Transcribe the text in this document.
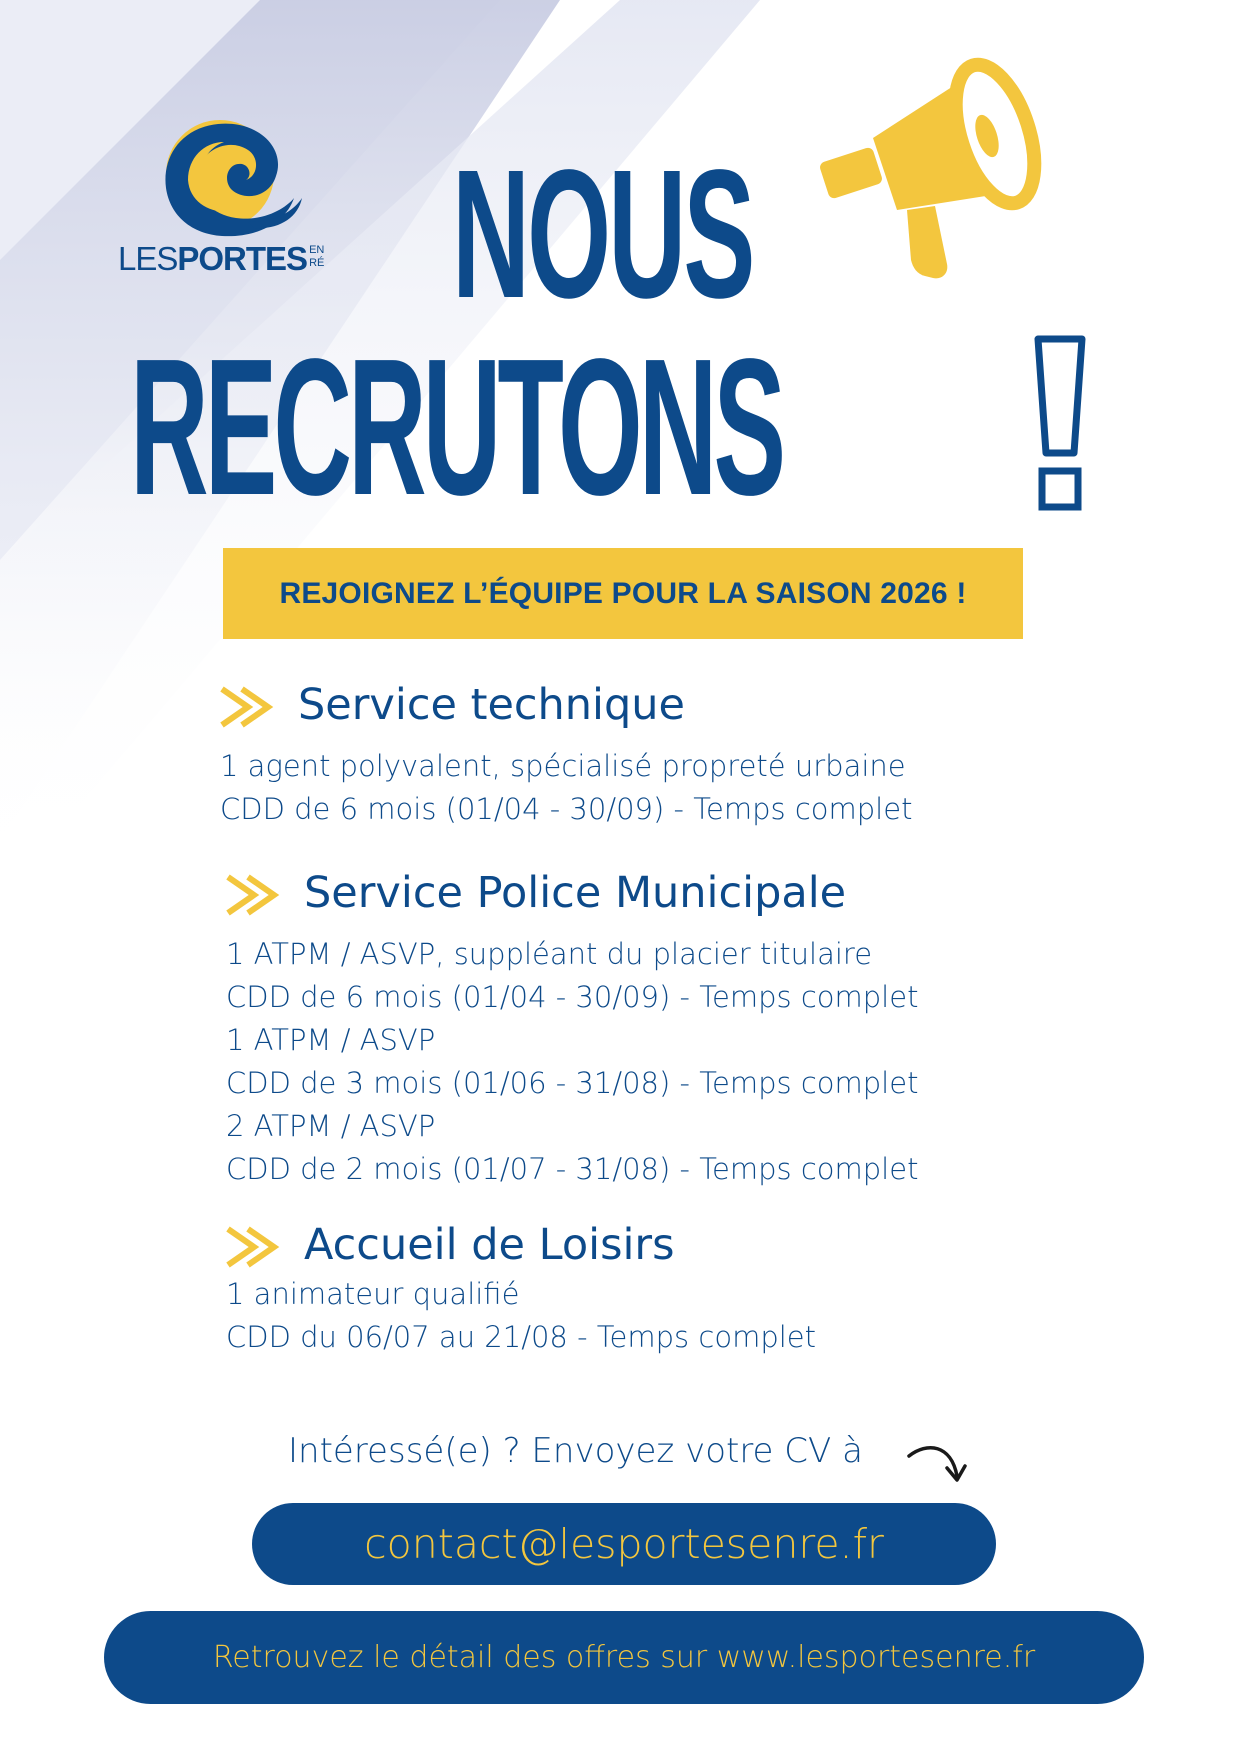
LESPORTES EN
RÉ NOUS
RECRUTONS
REJOIGNEZ L’ÉQUIPE POUR LA SAISON 2026 !
Service technique
1 agent polyvalent, spécialisé propreté urbaine
CDD de 6 mois (01/04 - 30/09) - Temps complet
Service Police Municipale
1 ATPM / ASVP, suppléant du placier titulaire
CDD de 6 mois (01/04 - 30/09) - Temps complet
1 ATPM / ASVP
CDD de 3 mois (01/06 - 31/08) - Temps complet
2 ATPM / ASVP
CDD de 2 mois (01/07 - 31/08) - Temps complet
Accueil de Loisirs
1 animateur qualifié
CDD du 06/07 au 21/08 - Temps complet
Intéressé(e) ? Envoyez votre CV à
contact@lesportesenre.fr
Retrouvez le détail des offres sur www.lesportesenre.fr
